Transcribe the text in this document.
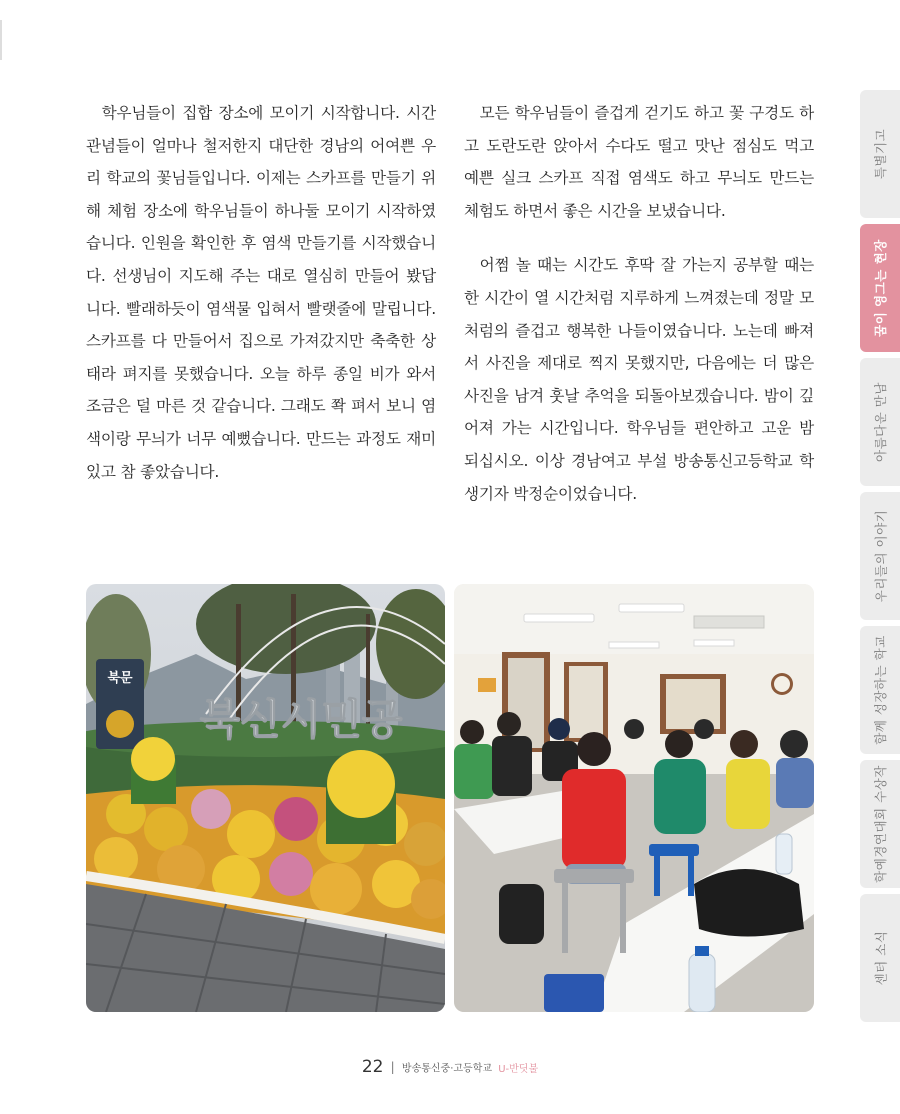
학우님들이 집합 장소에 모이기 시작합니다. 시간 관념들이 얼마나 철저한지 대단한 경남의 어여쁜 우리 학교의 꽃님들입니다. 이제는 스카프를 만들기 위해 체험 장소에 학우님들이 하나둘 모이기 시작하였습니다. 인원을 확인한 후 염색 만들기를 시작했습니다. 선생님이 지도해 주는 대로 열심히 만들어 봤답니다. 빨래하듯이 염색물 입혀서 빨랫줄에 말립니다. 스카프를 다 만들어서 집으로 가져갔지만 축축한 상태라 펴지를 못했습니다. 오늘 하루 종일 비가 와서 조금은 덜 마른 것 같습니다. 그래도 쫙 펴서 보니 염색이랑 무늬가 너무 예뻤습니다. 만드는 과정도 재미있고 참 좋았습니다.

모든 학우님들이 즐겁게 걷기도 하고 꽃 구경도 하고 도란도란 앉아서 수다도 떨고 맛난 점심도 먹고 예쁜 실크 스카프 직접 염색도 하고 무늬도 만드는 체험도 하면서 좋은 시간을 보냈습니다.

어쩜 놀 때는 시간도 후딱 잘 가는지 공부할 때는 한 시간이 열 시간처럼 지루하게 느껴졌는데 정말 모처럼의 즐겁고 행복한 나들이였습니다. 노는데 빠져서 사진을 제대로 찍지 못했지만, 다음에는 더 많은 사진을 남겨 훗날 추억을 되돌아보겠습니다. 밤이 깊어져 가는 시간입니다. 학우님들 편안하고 고운 밤 되십시오. 이상 경남여고 부설 방송통신고등학교 학생기자 박정순이었습니다.

북문
북신시민공
특별기고
꿈이 영그는 현장
아름다운 만남
우리들의 이야기
함께 성장하는 학교
학예경연대회 수상작
센터 소식
22 | 방송통신중·고등학교 U-반딧불
